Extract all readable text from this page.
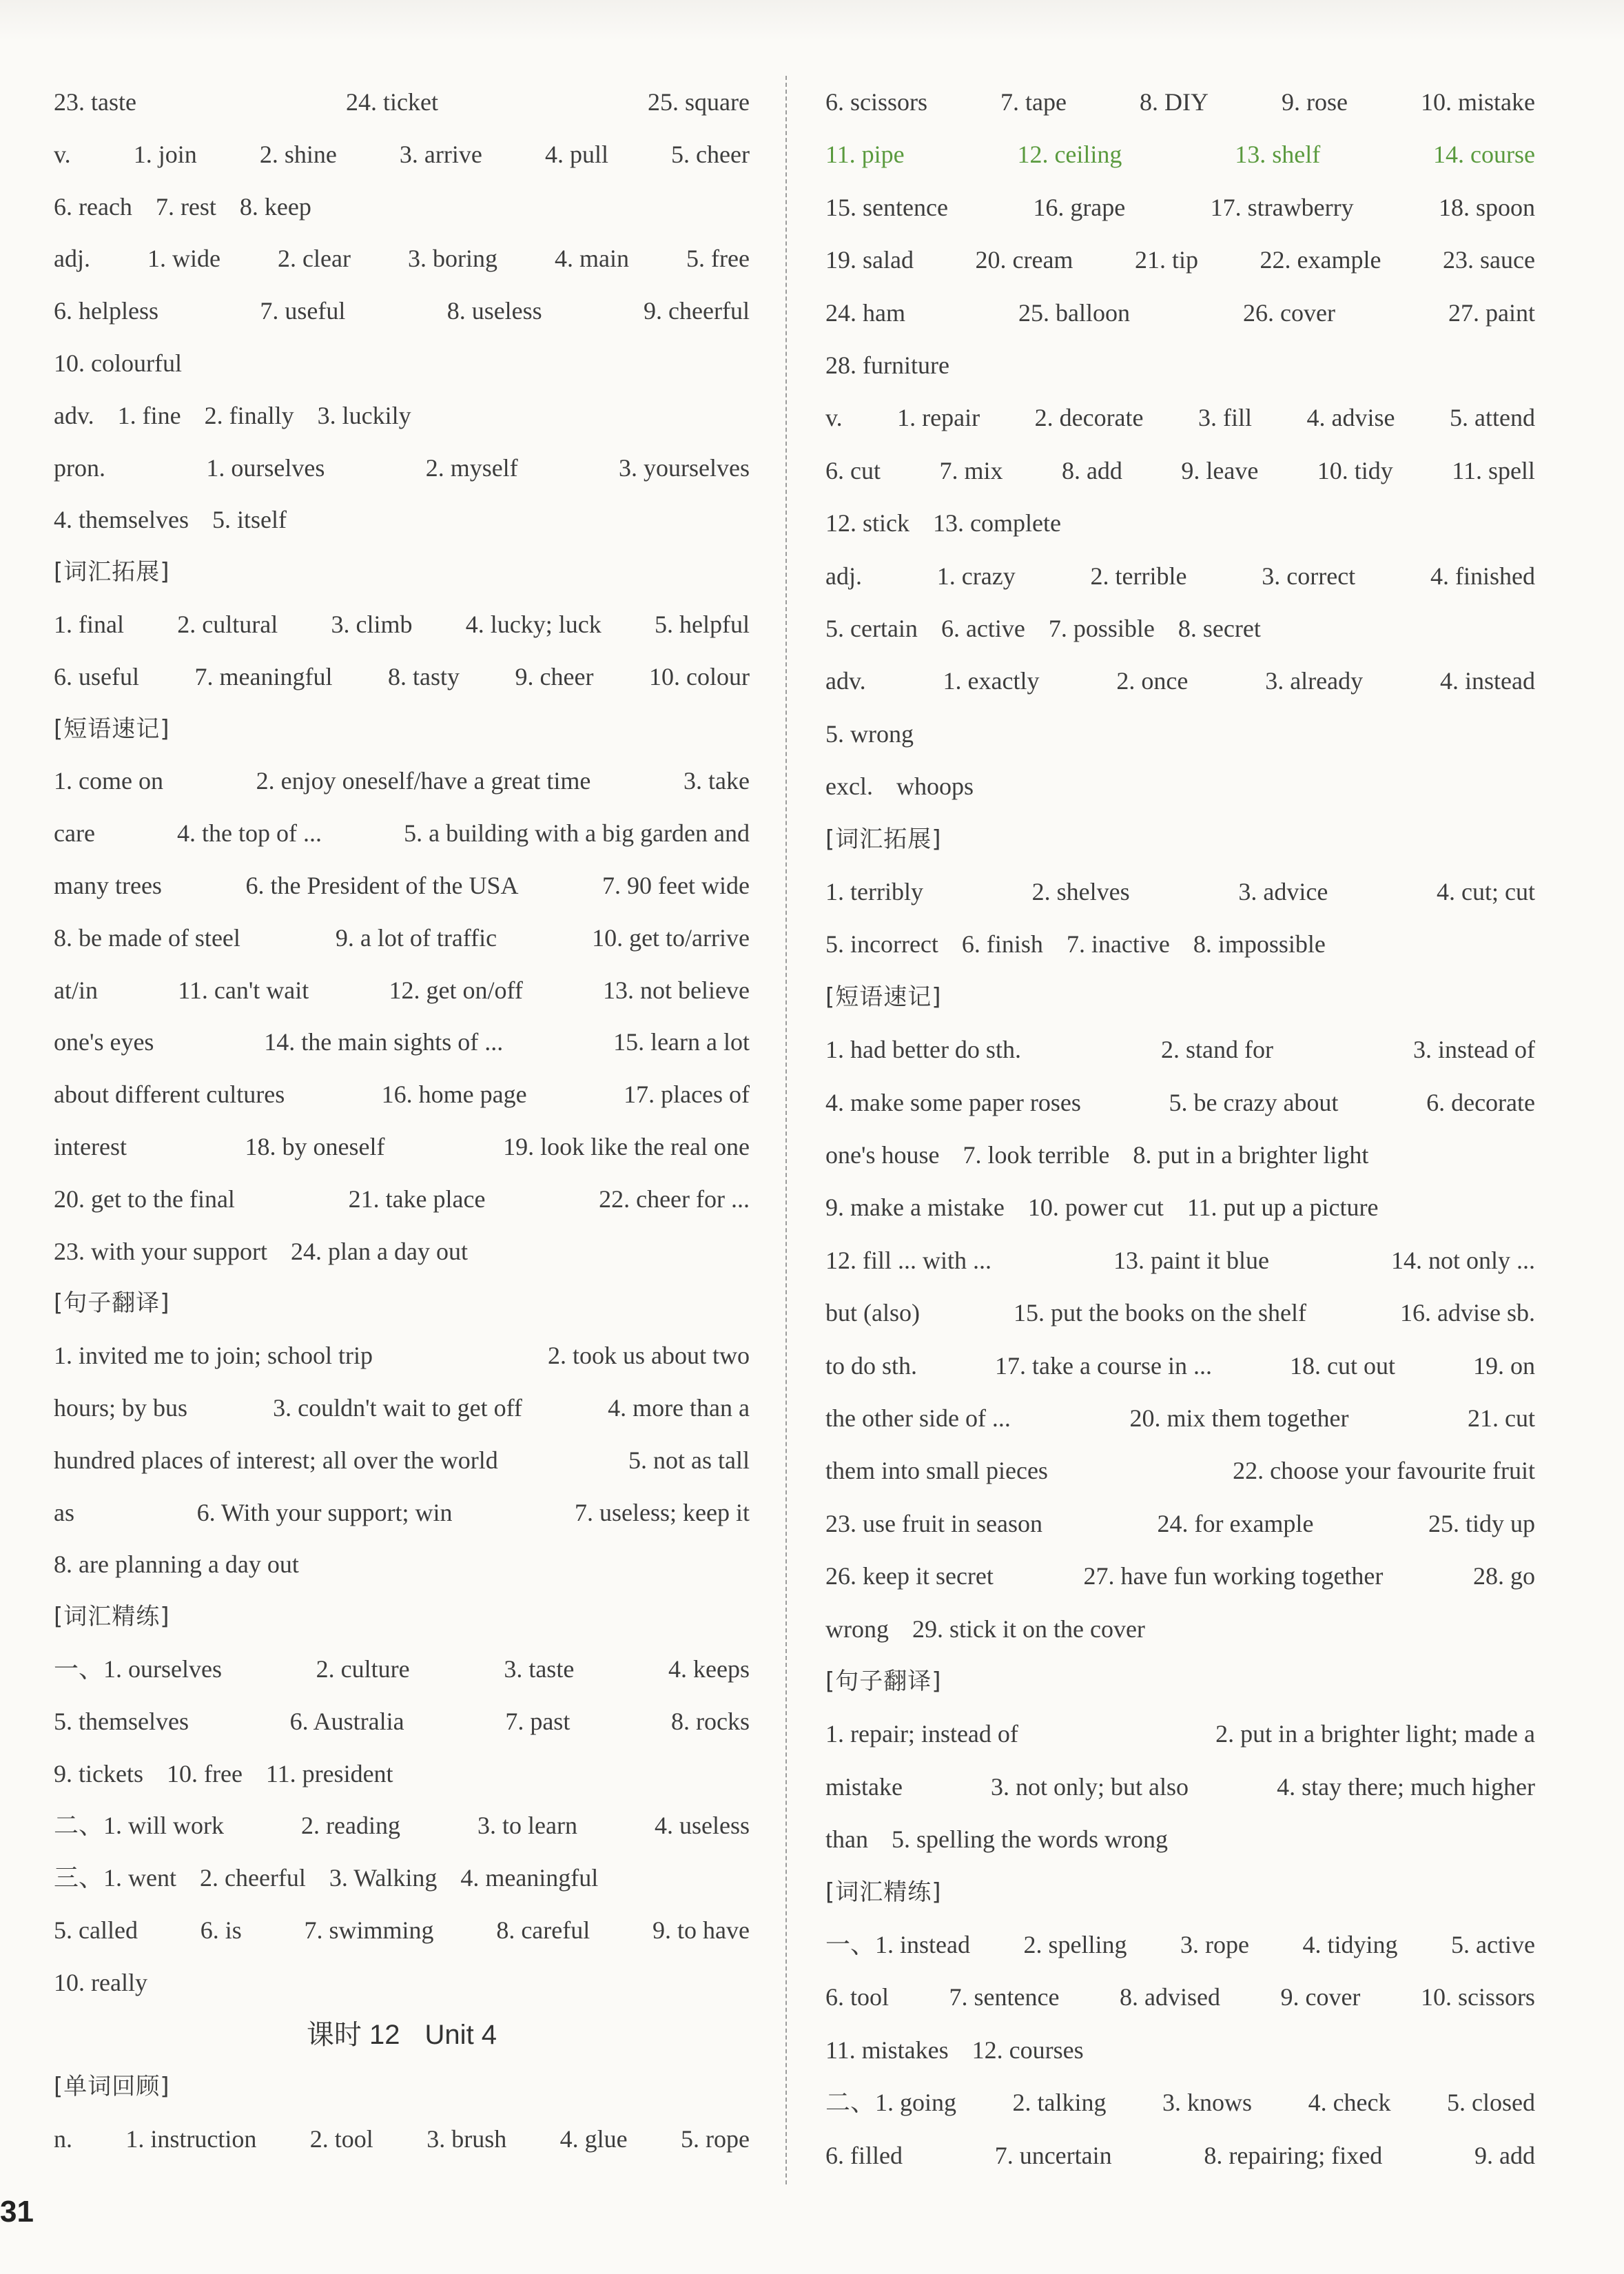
23. taste	24. ticket	25. square
v.	1. join	2. shine	3. arrive	4. pull	5. cheer
6. reach 7. rest 8. keep
adj. 1. wide 2. clear 3. boring 4. main 5. free
6. helpless	7. useful	8. useless	9. cheerful
10. colourful
adv. 1. fine 2. finally 3. luckily
pron.	1. ourselves	2. myself	3. yourselves
4. themselves 5. itself
[词汇拓展]
1. final 2. cultural 3. climb 4. lucky; luck 5. helpful
6. useful 7. meaningful 8. tasty 9. cheer 10. colour
[短语速记]
1. come on	2. enjoy oneself/have a great time	3. take
care	4. the top of ...	5. a building with a big garden and
many trees	6. the President of the USA	7. 90 feet wide
8. be made of steel	9. a lot of traffic	10. get to/arrive
at/in	11. can't wait	12. get on/off	13. not believe
one's eyes	14. the main sights of ...	15. learn a lot
about different cultures	16. home page	17. places of
interest	18. by oneself	19. look like the real one
20. get to the final	21. take place	22. cheer for ...
23. with your support 24. plan a day out
[句子翻译]
1. invited me to join; school trip	2. took us about two
hours; by bus	3. couldn't wait to get off	4. more than a
hundred places of interest; all over the world	5. not as tall
as	6. With your support; win	7. useless; keep it
8. are planning a day out
[词汇精练]
一、1. ourselves	2. culture	3. taste	4. keeps
5. themselves	6. Australia	7. past	8. rocks
9. tickets 10. free 11. president
二、1. will work	2. reading	3. to learn	4. useless
三、1. went 2. cheerful 3. Walking 4. meaningful
5. called	6. is	7. swimming	8. careful	9. to have
10. really
课时 12 Unit 4
[单词回顾]
n. 1. instruction 2. tool 3. brush 4. glue 5. rope
6. scissors	7. tape	8. DIY	9. rose	10. mistake
11. pipe	12. ceiling	13. shelf	14. course
15. sentence	16. grape	17. strawberry	18. spoon
19. salad 20. cream 21. tip 22. example 23. sauce
24. ham	25. balloon	26. cover	27. paint
28. furniture
v. 1. repair 2. decorate 3. fill 4. advise 5. attend
6. cut 7. mix 8. add 9. leave 10. tidy 11. spell
12. stick 13. complete
adj.	1. crazy	2. terrible	3. correct	4. finished
5. certain 6. active 7. possible 8. secret
adv.	1. exactly	2. once	3. already	4. instead
5. wrong
excl. whoops
[词汇拓展]
1. terribly	2. shelves	3. advice	4. cut; cut
5. incorrect 6. finish 7. inactive 8. impossible
[短语速记]
1. had better do sth.	2. stand for	3. instead of
4. make some paper roses	5. be crazy about	6. decorate
one's house 7. look terrible 8. put in a brighter light
9. make a mistake 10. power cut 11. put up a picture
12. fill ... with ...	13. paint it blue	14. not only ...
but (also)	15. put the books on the shelf	16. advise sb.
to do sth.	17. take a course in ...	18. cut out	19. on
the other side of ...	20. mix them together	21. cut
them into small pieces	22. choose your favourite fruit
23. use fruit in season	24. for example	25. tidy up
26. keep it secret	27. have fun working together	28. go
wrong 29. stick it on the cover
[句子翻译]
1. repair; instead of	2. put in a brighter light; made a
mistake	3. not only; but also	4. stay there; much higher
than 5. spelling the words wrong
[词汇精练]
一、1. instead 2. spelling 3. rope 4. tidying 5. active
6. tool 7. sentence 8. advised 9. cover 10. scissors
11. mistakes 12. courses
二、1. going 2. talking 3. knows 4. check 5. closed
6. filled	7. uncertain	8. repairing; fixed	9. add
31
